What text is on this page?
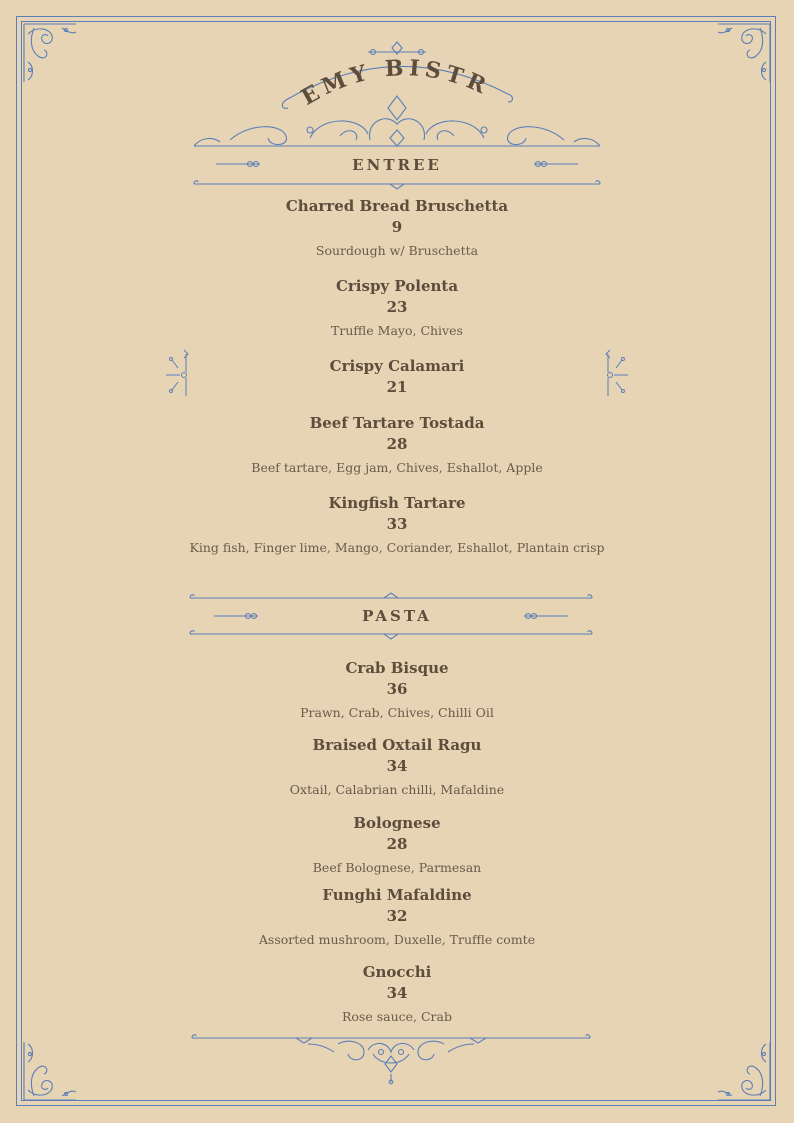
REMY BISTRO
ENTREE
Charred Bread Bruschetta
9
Sourdough w/ Bruschetta
Crispy Polenta
23
Truffle Mayo, Chives
Crispy Calamari
21
Beef Tartare Tostada
28
Beef tartare, Egg jam, Chives, Eshallot, Apple
Kingfish Tartare
33
King fish, Finger lime, Mango, Coriander, Eshallot, Plantain crisp
PASTA
Crab Bisque
36
Prawn, Crab, Chives, Chilli Oil
Braised Oxtail Ragu
34
Oxtail, Calabrian chilli, Mafaldine
Bolognese
28
Beef Bolognese, Parmesan
Funghi Mafaldine
32
Assorted mushroom, Duxelle, Truffle comte
Gnocchi
34
Rose sauce, Crab
